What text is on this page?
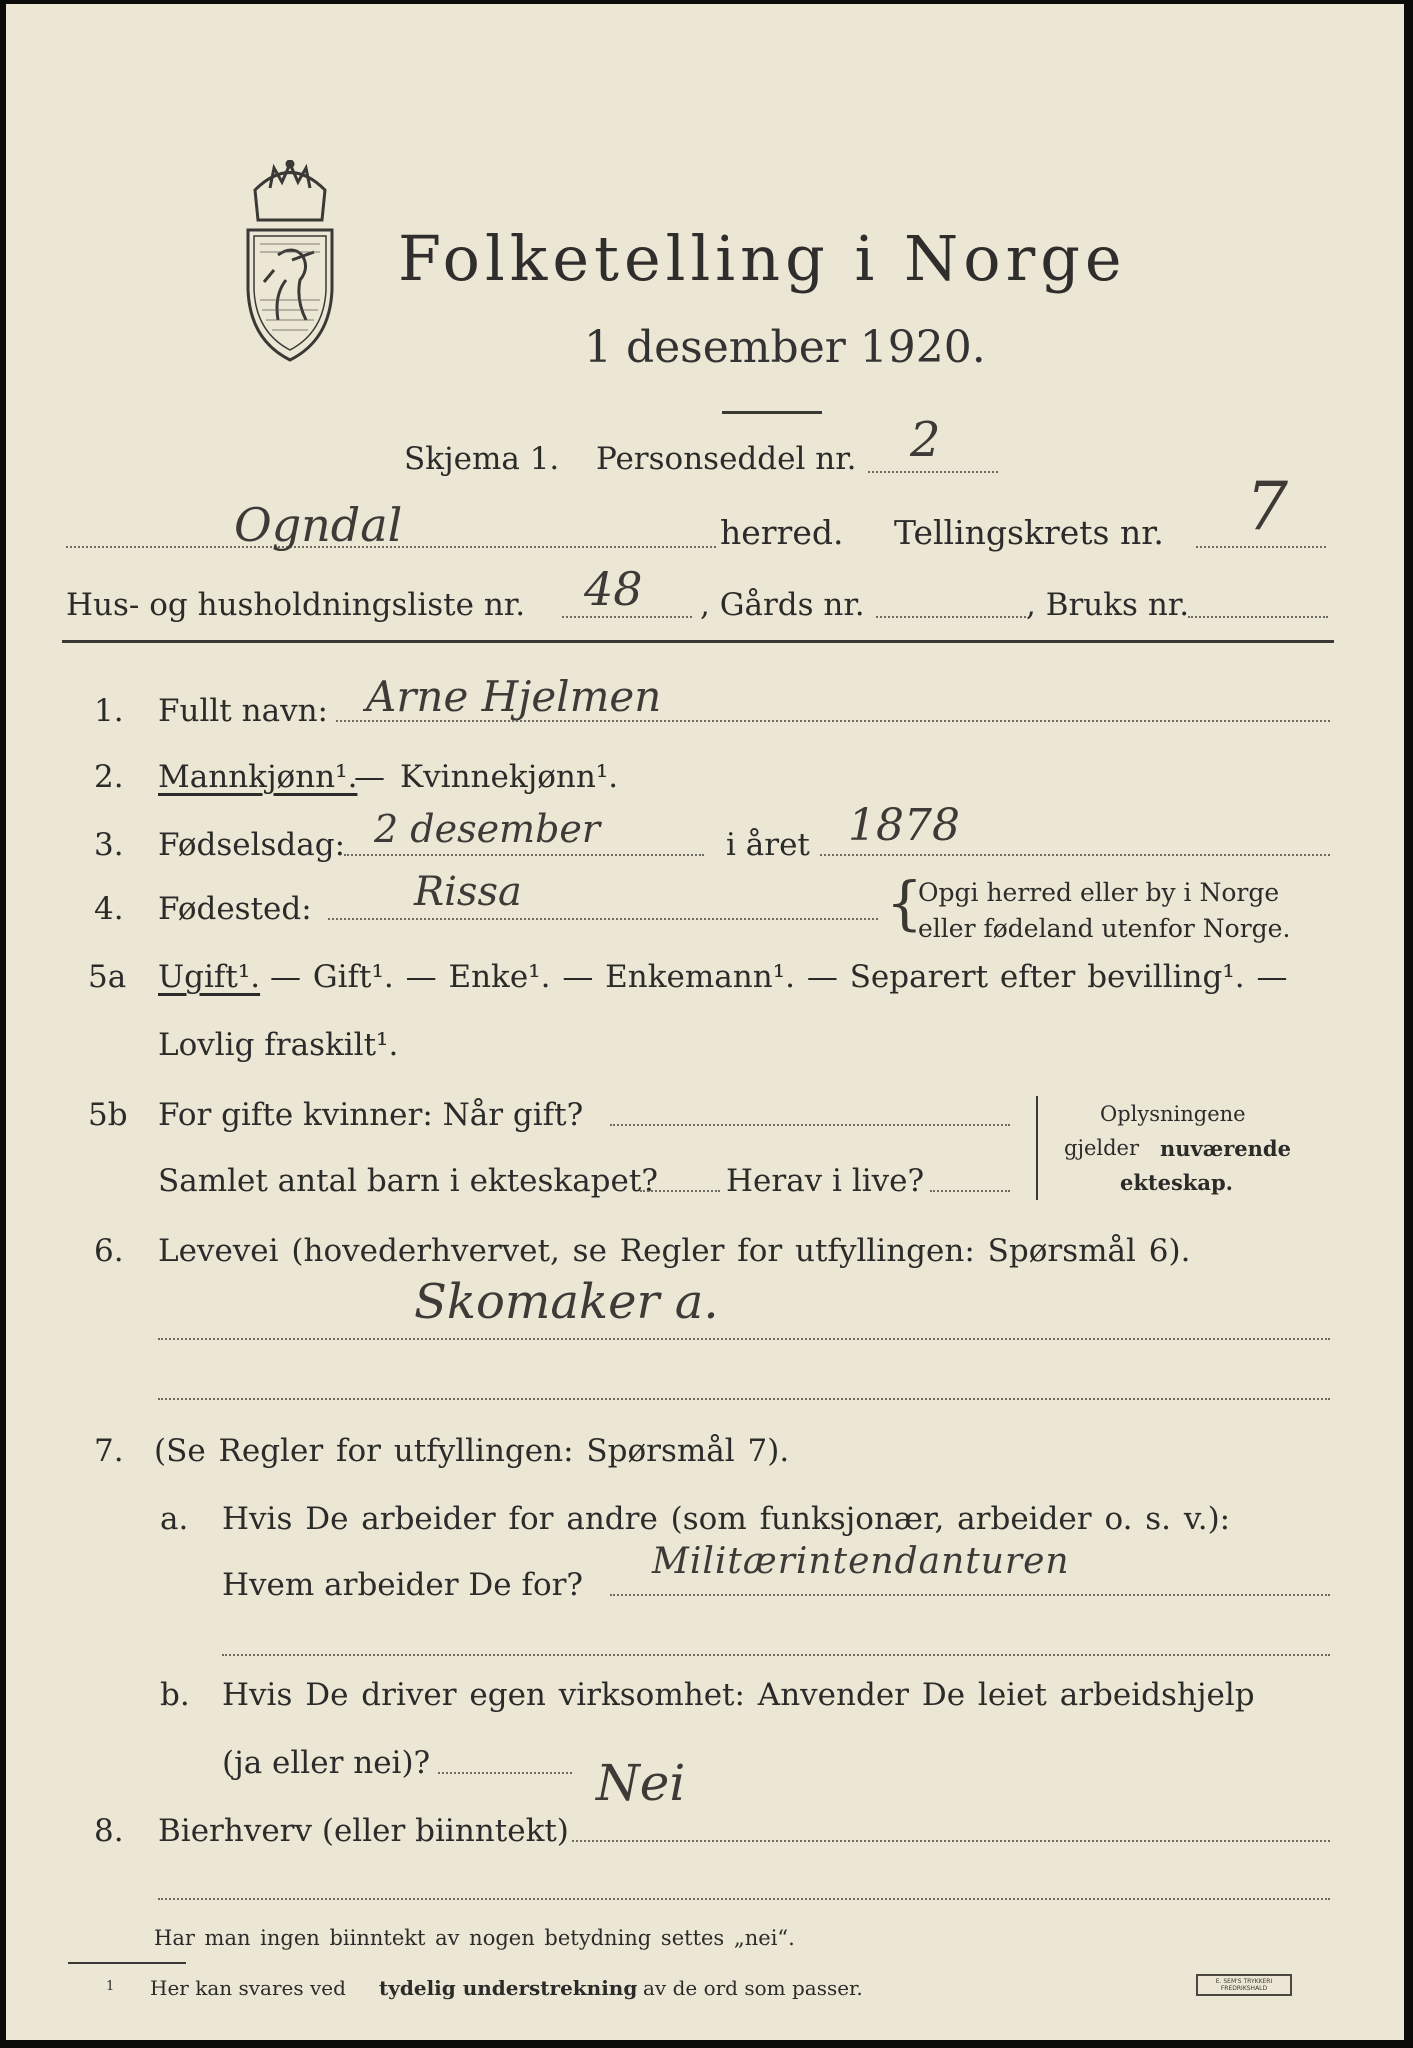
Folketelling i Norge
1 desember 1920.
Skjema 1. Personseddel nr. 2
Ogndal	herred. Tellingskrets nr. 7
Hus- og husholdningsliste nr. 48 , Gårds nr.	, Bruks nr.
1. Fullt navn: Arne Hjelmen
2. Mannkjønn¹.
— Kvinnekjønn¹.
3. Fødselsdag: 2 desember	i året 1878
4. Fødested:	Rissa	{
Opgi herred eller by i Norge
eller fødeland utenfor Norge.
5a Ugift¹. — Gift¹. — Enke¹. — Enkemann¹. — Separert efter bevilling¹. —
Lovlig fraskilt¹.
5b For gifte kvinner: Når gift?
Samlet antal barn i ekteskapet? Herav i live?
Oplysningene
gjelder nuværende
ekteskap.
6. Levevei (hovederhvervet, se Regler for utfyllingen: Spørsmål 6).
Skomaker a.
7. (Se Regler for utfyllingen: Spørsmål 7).
a. Hvis De arbeider for andre (som funksjonær, arbeider o. s. v.):
Hvem arbeider De for?
Militærintendanturen
b. Hvis De driver egen virksomhet: Anvender De leiet arbeidshjelp
(ja eller nei)?	Nei
8. Bierhverv (eller biinntekt)
Har man ingen biinntekt av nogen betydning settes „nei“.
1 Her kan svares ved tydelig understrekning av de ord som passer.	E. SEM'S TRYKKERI FREDRIKSHALD
